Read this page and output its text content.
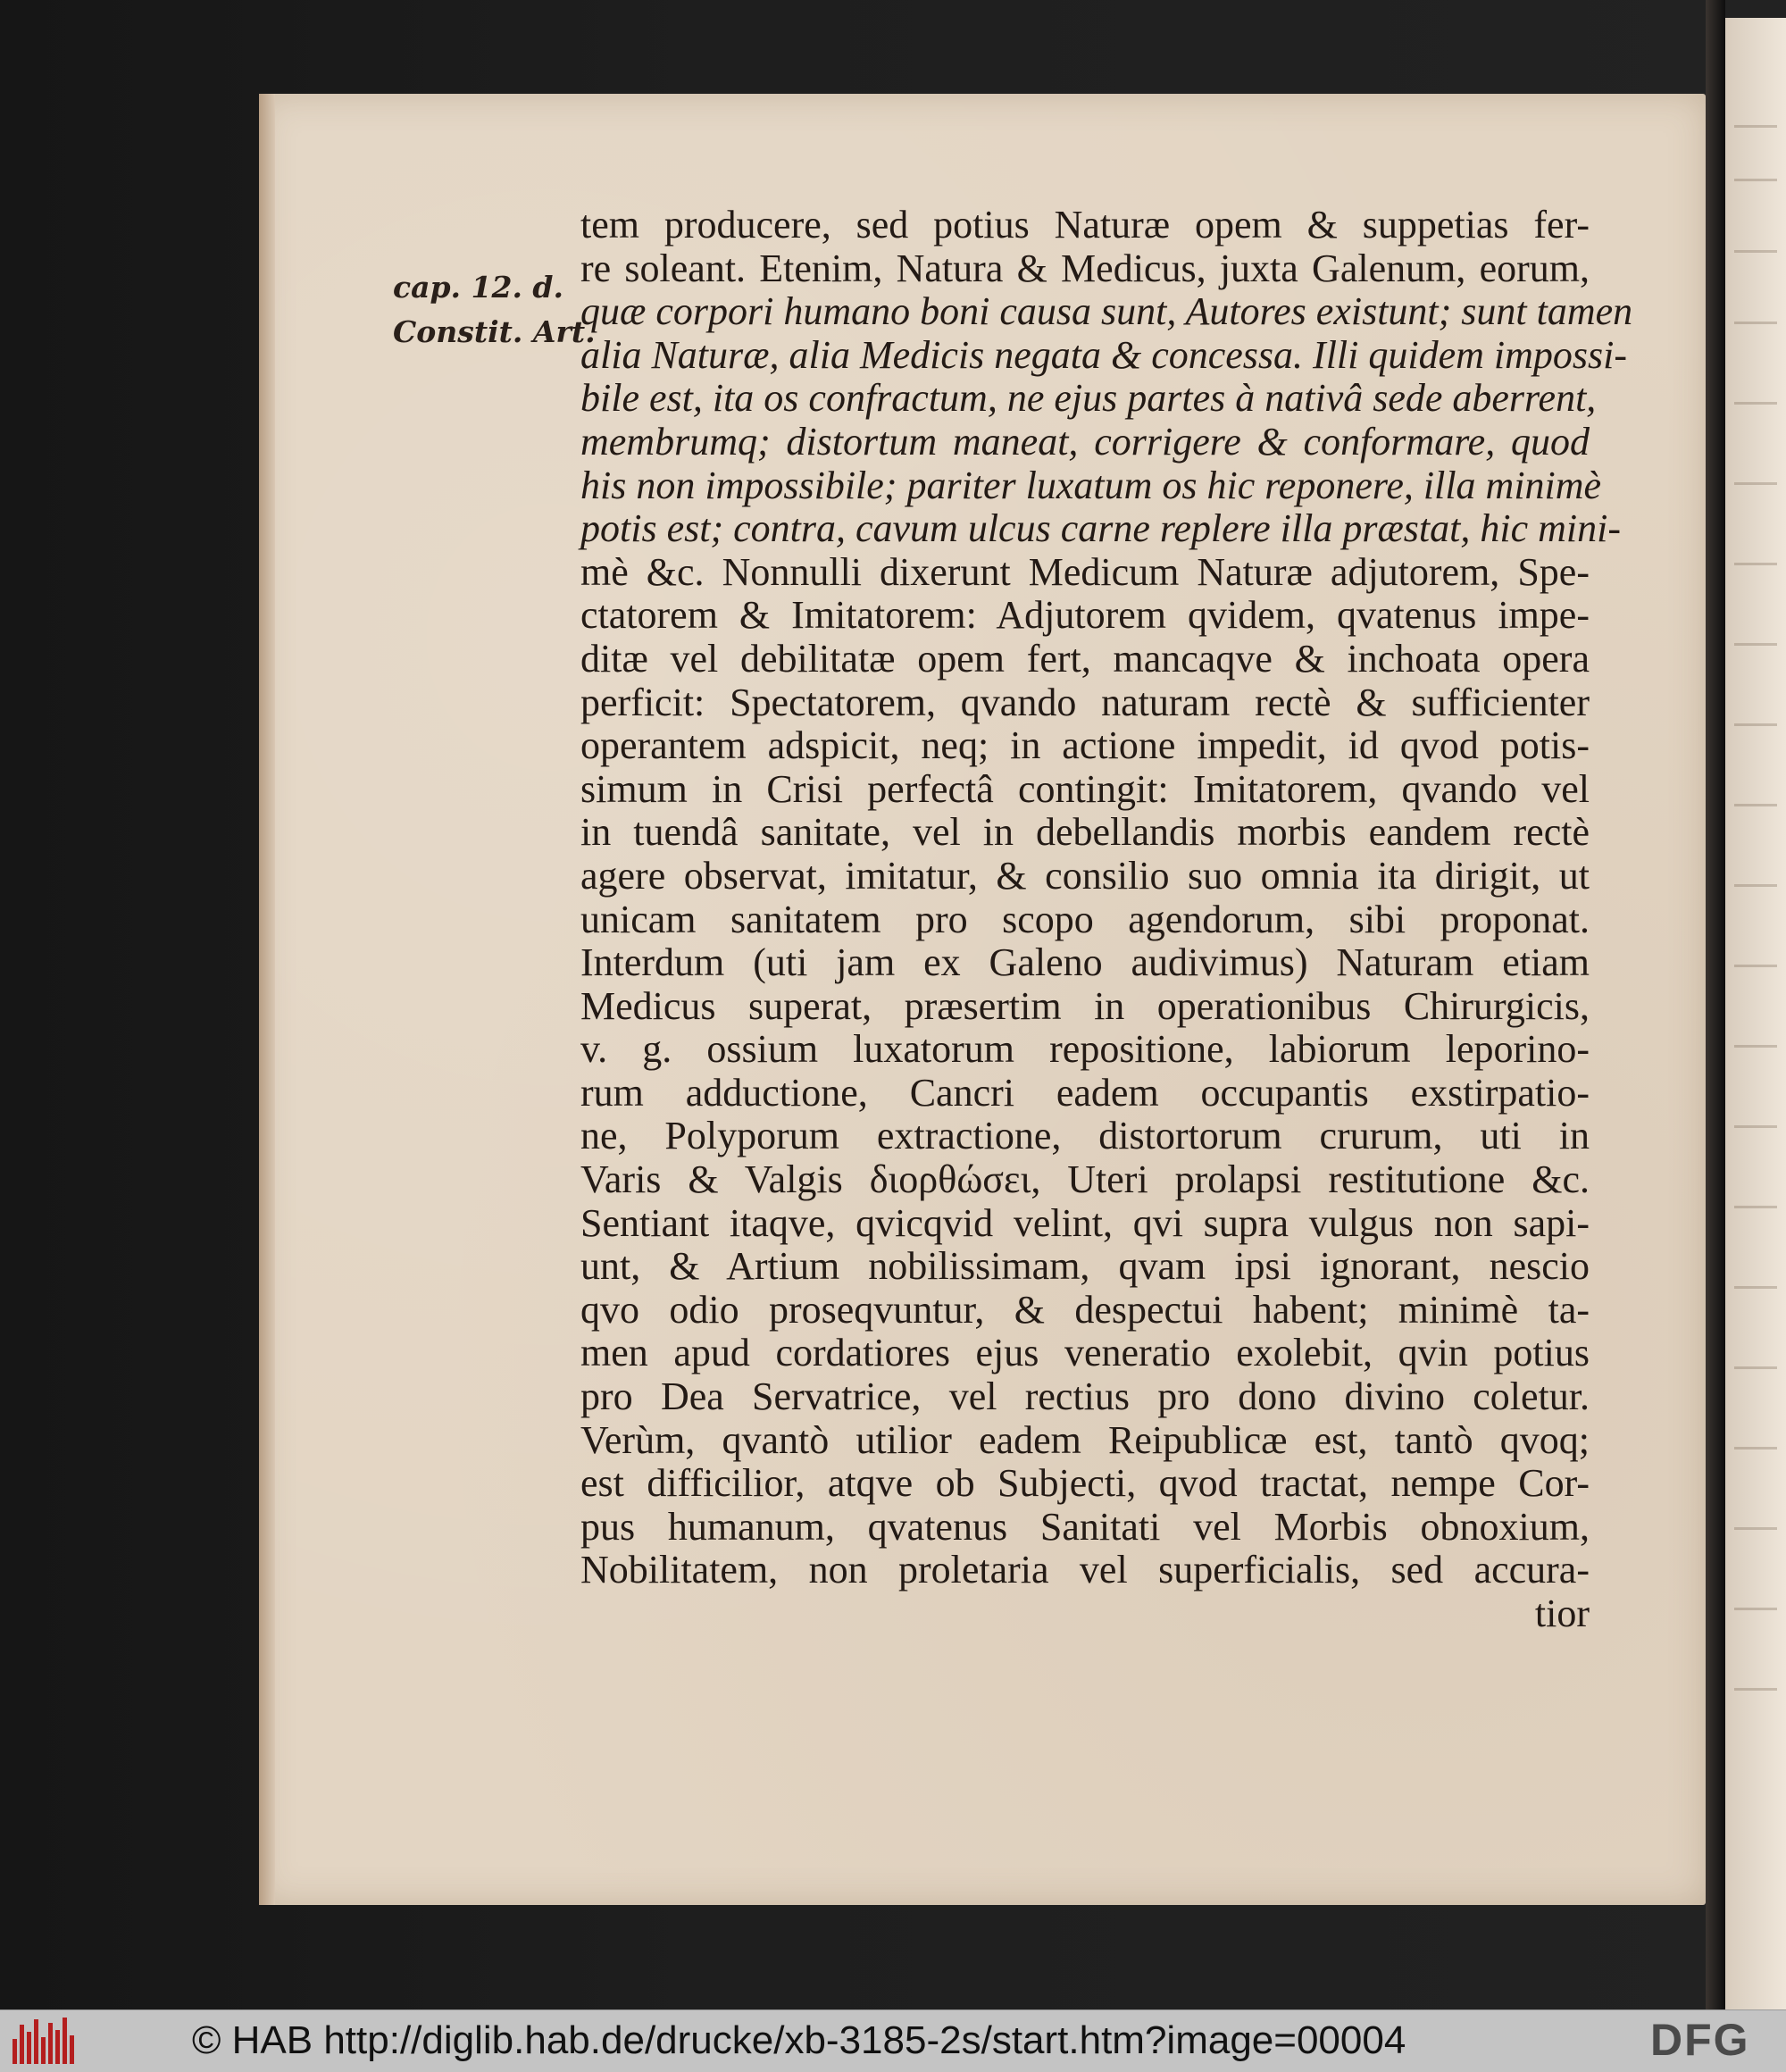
cap. 12. d.
Constit. Art.
tem producere, sed potius Naturæ opem & suppetias fer-
re soleant. Etenim, Natura & Medicus, juxta Galenum, eorum,
quæ corpori humano boni causa sunt, Autores existunt; sunt tamen
alia Naturæ, alia Medicis negata & concessa. Illi quidem impossi-
bile est, ita os confractum, ne ejus partes à nativâ sede aberrent,
membrumq; distortum maneat, corrigere & conformare, quod
his non impossibile; pariter luxatum os hic reponere, illa minimè
potis est; contra, cavum ulcus carne replere illa præstat, hic mini-
mè &c. Nonnulli dixerunt Medicum Naturæ adjutorem, Spe-
ctatorem & Imitatorem: Adjutorem qvidem, qvatenus impe-
ditæ vel debilitatæ opem fert, mancaqve & inchoata opera
perficit: Spectatorem, qvando naturam rectè & sufficienter
operantem adspicit, neq; in actione impedit, id qvod potis-
simum in Crisi perfectâ contingit: Imitatorem, qvando vel
in tuendâ sanitate, vel in debellandis morbis eandem rectè
agere observat, imitatur, & consilio suo omnia ita dirigit, ut
unicam sanitatem pro scopo agendorum, sibi proponat.
Interdum (uti jam ex Galeno audivimus) Naturam etiam
Medicus superat, præsertim in operationibus Chirurgicis,
v. g. ossium luxatorum repositione, labiorum leporino-
rum adductione, Cancri eadem occupantis exstirpatio-
ne, Polyporum extractione, distortorum crurum, uti in
Varis & Valgis διορθώσει, Uteri prolapsi restitutione &c.
Sentiant itaqve, qvicqvid velint, qvi supra vulgus non sapi-
unt, & Artium nobilissimam, qvam ipsi ignorant, nescio
qvo odio proseqvuntur, & despectui habent; minimè ta-
men apud cordatiores ejus veneratio exolebit, qvin potius
pro Dea Servatrice, vel rectius pro dono divino coletur.
Verùm, qvantò utilior eadem Reipublicæ est, tantò qvoq;
est difficilior, atqve ob Subjecti, qvod tractat, nempe Cor-
pus humanum, qvatenus Sanitati vel Morbis obnoxium,
Nobilitatem, non proletaria vel superficialis, sed accura-
tior
© HAB http://diglib.hab.de/drucke/xb-3185-2s/start.htm?image=00004	DFG
